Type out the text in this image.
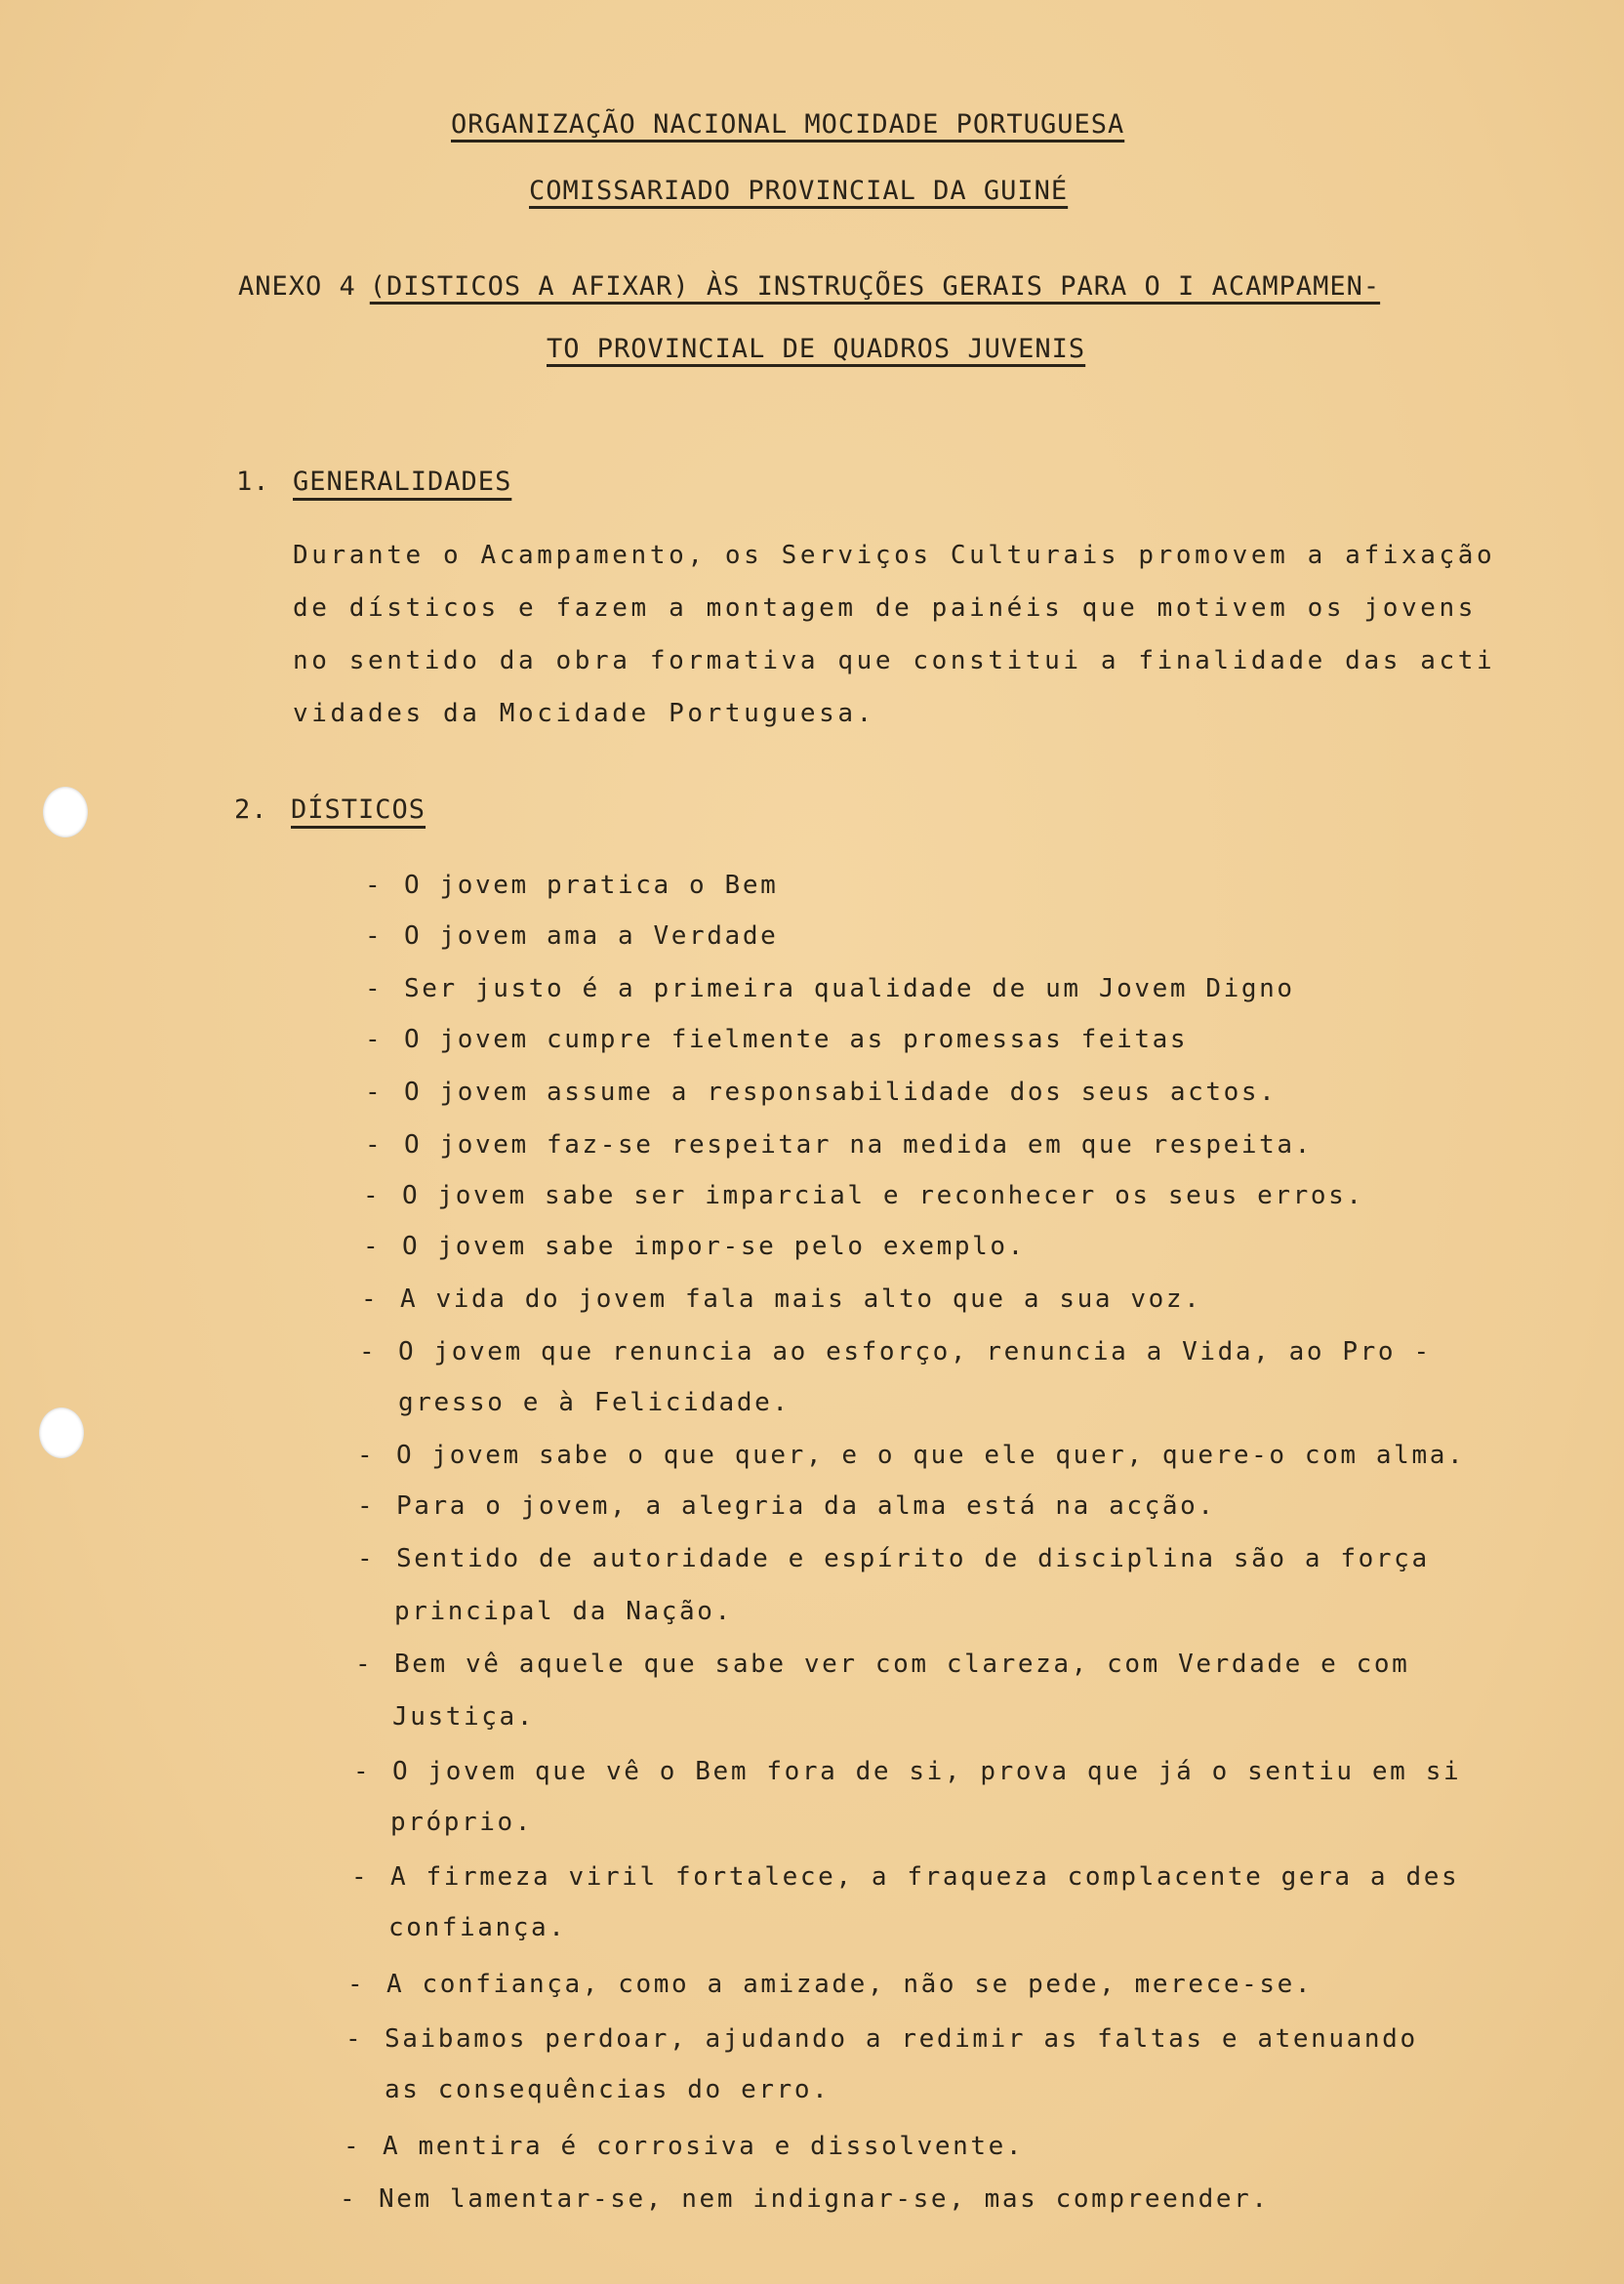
ORGANIZAÇÃO NACIONAL MOCIDADE PORTUGUESA
COMISSARIADO PROVINCIAL DA GUINÉ
ANEXO 4 (DISTICOS A AFIXAR) ÀS INSTRUÇÕES GERAIS PARA O I ACAMPAMEN-
TO PROVINCIAL DE QUADROS JUVENIS
1. GENERALIDADES
Durante o Acampamento, os Serviços Culturais promovem a afixação
de dísticos e fazem a montagem de painéis que motivem os jovens
no sentido da obra formativa que constitui a finalidade das acti
vidades da Mocidade Portuguesa.
2. DÍSTICOS
- O jovem pratica o Bem
- O jovem ama a Verdade
- Ser justo é a primeira qualidade de um Jovem Digno
- O jovem cumpre fielmente as promessas feitas
- O jovem assume a responsabilidade dos seus actos.
- O jovem faz-se respeitar na medida em que respeita.
- O jovem sabe ser imparcial e reconhecer os seus erros.
- O jovem sabe impor-se pelo exemplo.
- A vida do jovem fala mais alto que a sua voz.
- O jovem que renuncia ao esforço, renuncia a Vida, ao Pro -
gresso e à Felicidade.
- O jovem sabe o que quer, e o que ele quer, quere-o com alma.
- Para o jovem, a alegria da alma está na acção.
- Sentido de autoridade e espírito de disciplina são a força
principal da Nação.
- Bem vê aquele que sabe ver com clareza, com Verdade e com
Justiça.
- O jovem que vê o Bem fora de si, prova que já o sentiu em si
próprio.
- A firmeza viril fortalece, a fraqueza complacente gera a des
confiança.
- A confiança, como a amizade, não se pede, merece-se.
- Saibamos perdoar, ajudando a redimir as faltas e atenuando
as consequências do erro.
- A mentira é corrosiva e dissolvente.
- Nem lamentar-se, nem indignar-se, mas compreender.
